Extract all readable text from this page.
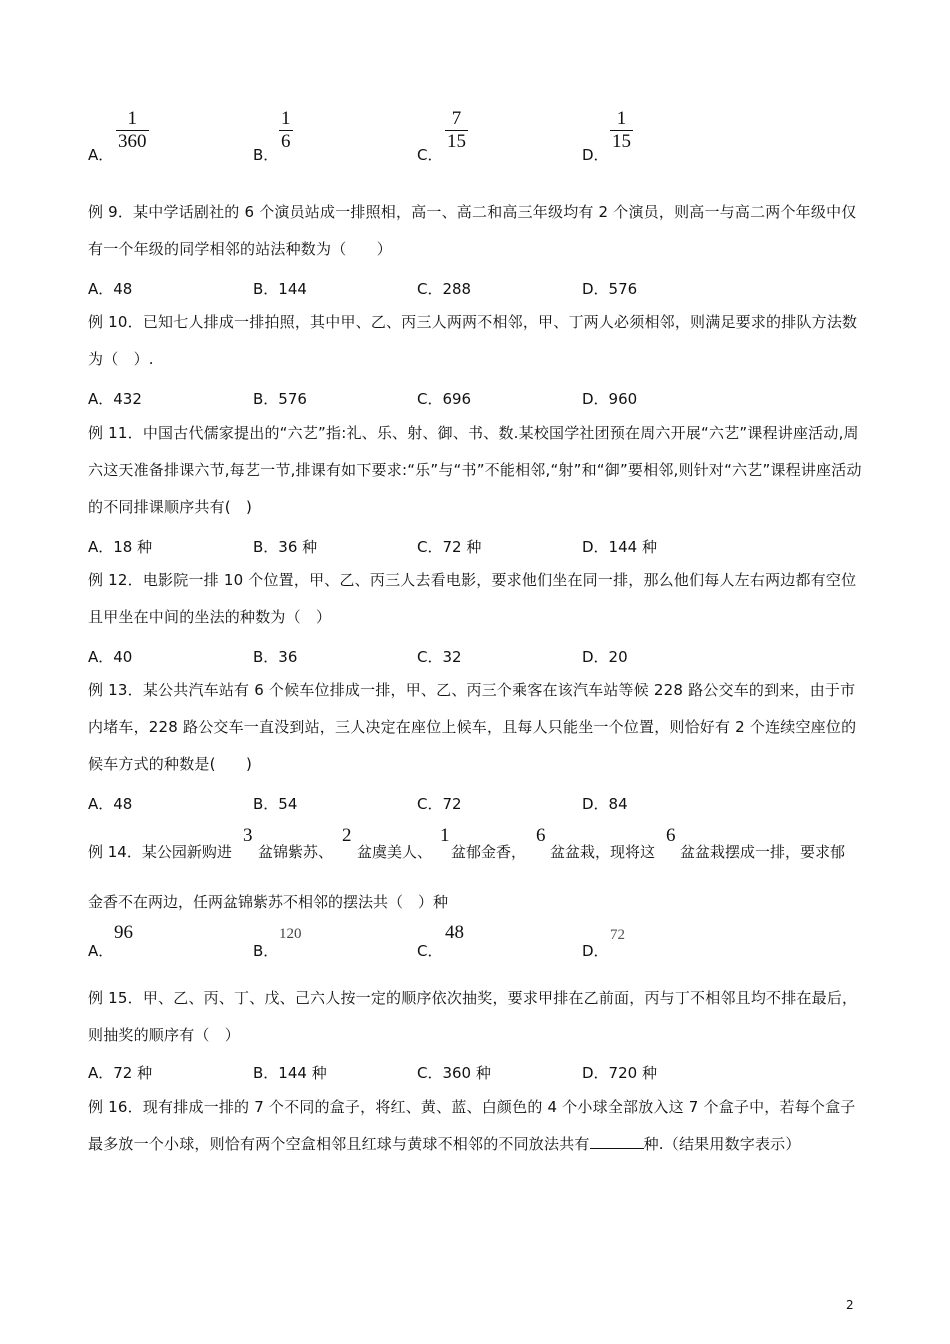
A．
$\frac{1}{360}$
B．
$\frac{1}{6}$
C．
$\frac{7}{15}$
D．
$\frac{1}{15}$
例 9．某中学话剧社的 6 个演员站成一排照相，高一、高二和高三年级均有 2 个演员，则高一与高二两个年级中仅有一个年级的同学相邻的站法种数为（　　）
A．48	B．144	C．288	D．576
例 10．已知七人排成一排拍照，其中甲、乙、丙三人两两不相邻，甲、丁两人必须相邻，则满足要求的排队方法数为（　）.
A．432	B．576	C．696	D．960
例 11．中国古代儒家提出的“六艺”指:礼、乐、射、御、书、数.某校国学社团预在周六开展“六艺”课程讲座活动,周六这天准备排课六节,每艺一节,排课有如下要求:“乐”与“书”不能相邻,“射”和“御”要相邻,则针对“六艺”课程讲座活动的不同排课顺序共有(　)
A．18 种	B．36 种	C．72 种	D．144 种
例 12．电影院一排 10 个位置，甲、乙、丙三人去看电影，要求他们坐在同一排，那么他们每人左右两边都有空位且甲坐在中间的坐法的种数为（　）
A．40	B．36	C．32	D．20
例 13．某公共汽车站有 6 个候车位排成一排，甲、乙、丙三个乘客在该汽车站等候 228 路公交车的到来，由于市内堵车，228 路公交车一直没到站，三人决定在座位上候车，且每人只能坐一个位置，则恰好有 2 个连续空座位的候车方式的种数是(　　)
A．48	B．54	C．72	D．84
例 14．某公园新购进
3
盆锦紫苏、
2
盆虞美人、
1
盆郁金香，
6
盆盆栽，现将这
6
盆盆栽摆成一排，要求郁
金香不在两边，任两盆锦紫苏不相邻的摆法共（　）种
A．
96
B．
120
C．
48
D．
72
例 15．甲、乙、丙、丁、戊、己六人按一定的顺序依次抽奖，要求甲排在乙前面，丙与丁不相邻且均不排在最后，则抽奖的顺序有（　）
A．72 种	B．144 种	C．360 种	D．720 种
例 16．现有排成一排的 7 个不同的盒子，将红、黄、蓝、白颜色的 4 个小球全部放入这 7 个盒子中，若每个盒子最多放一个小球，则恰有两个空盒相邻且红球与黄球不相邻的不同放法共有	种.（结果用数字表示）
2
